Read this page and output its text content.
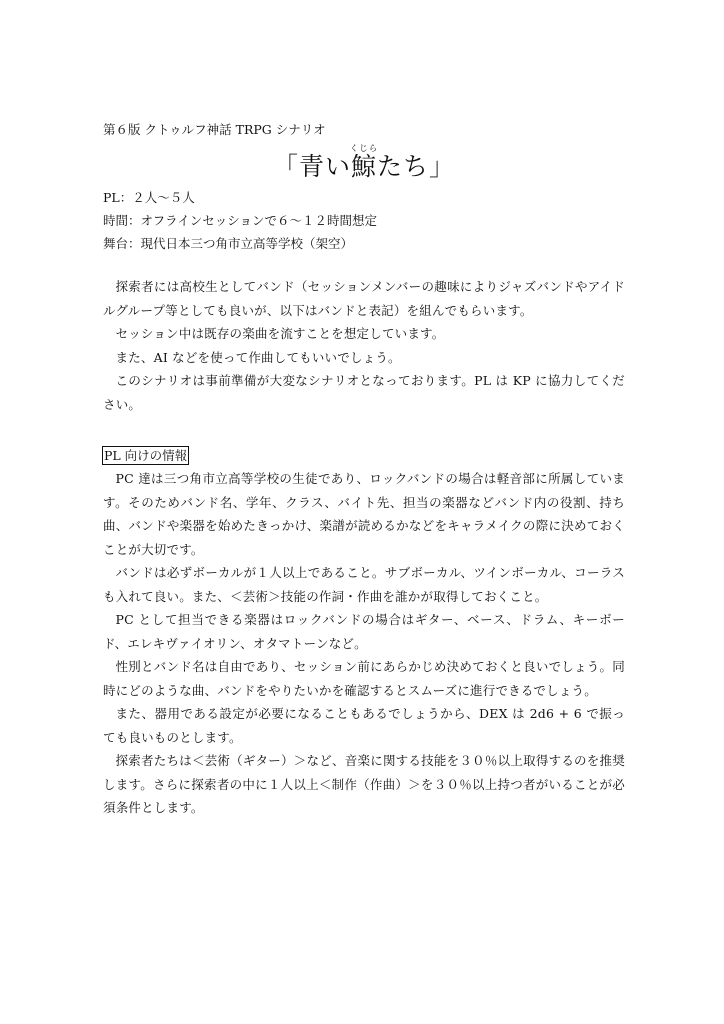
第６版 クトゥルフ神話 TRPG シナリオ

「青い鯨くじらたち」

PL：２人〜５人

時間：オフラインセッションで６〜１２時間想定

舞台：現代日本三つ角市立高等学校（架空）

探索者には高校生としてバンド（セッションメンバーの趣味によりジャズバンドやアイドルグループ等としても良いが、以下はバンドと表記）を組んでもらいます。

セッション中は既存の楽曲を流すことを想定しています。

また、AI などを使って作曲してもいいでしょう。

このシナリオは事前準備が大変なシナリオとなっております。PL は KP に協力してください。

PL 向けの情報

PC 達は三つ角市立高等学校の生徒であり、ロックバンドの場合は軽音部に所属しています。そのためバンド名、学年、クラス、バイト先、担当の楽器などバンド内の役割、持ち曲、バンドや楽器を始めたきっかけ、楽譜が読めるかなどをキャラメイクの際に決めておくことが大切です。

バンドは必ずボーカルが１人以上であること。サブボーカル、ツインボーカル、コーラスも入れて良い。また、＜芸術＞技能の作詞・作曲を誰かが取得しておくこと。

PC として担当できる楽器はロックバンドの場合はギター、ベース、ドラム、キーボード、エレキヴァイオリン、オタマトーンなど。

性別とバンド名は自由であり、セッション前にあらかじめ決めておくと良いでしょう。同時にどのような曲、バンドをやりたいかを確認するとスムーズに進行できるでしょう。

また、器用である設定が必要になることもあるでしょうから、DEX は 2d6 + 6 で振っても良いものとします。

探索者たちは＜芸術（ギター）＞など、音楽に関する技能を３０％以上取得するのを推奨します。さらに探索者の中に１人以上＜制作（作曲）＞を３０％以上持つ者がいることが必須条件とします。
